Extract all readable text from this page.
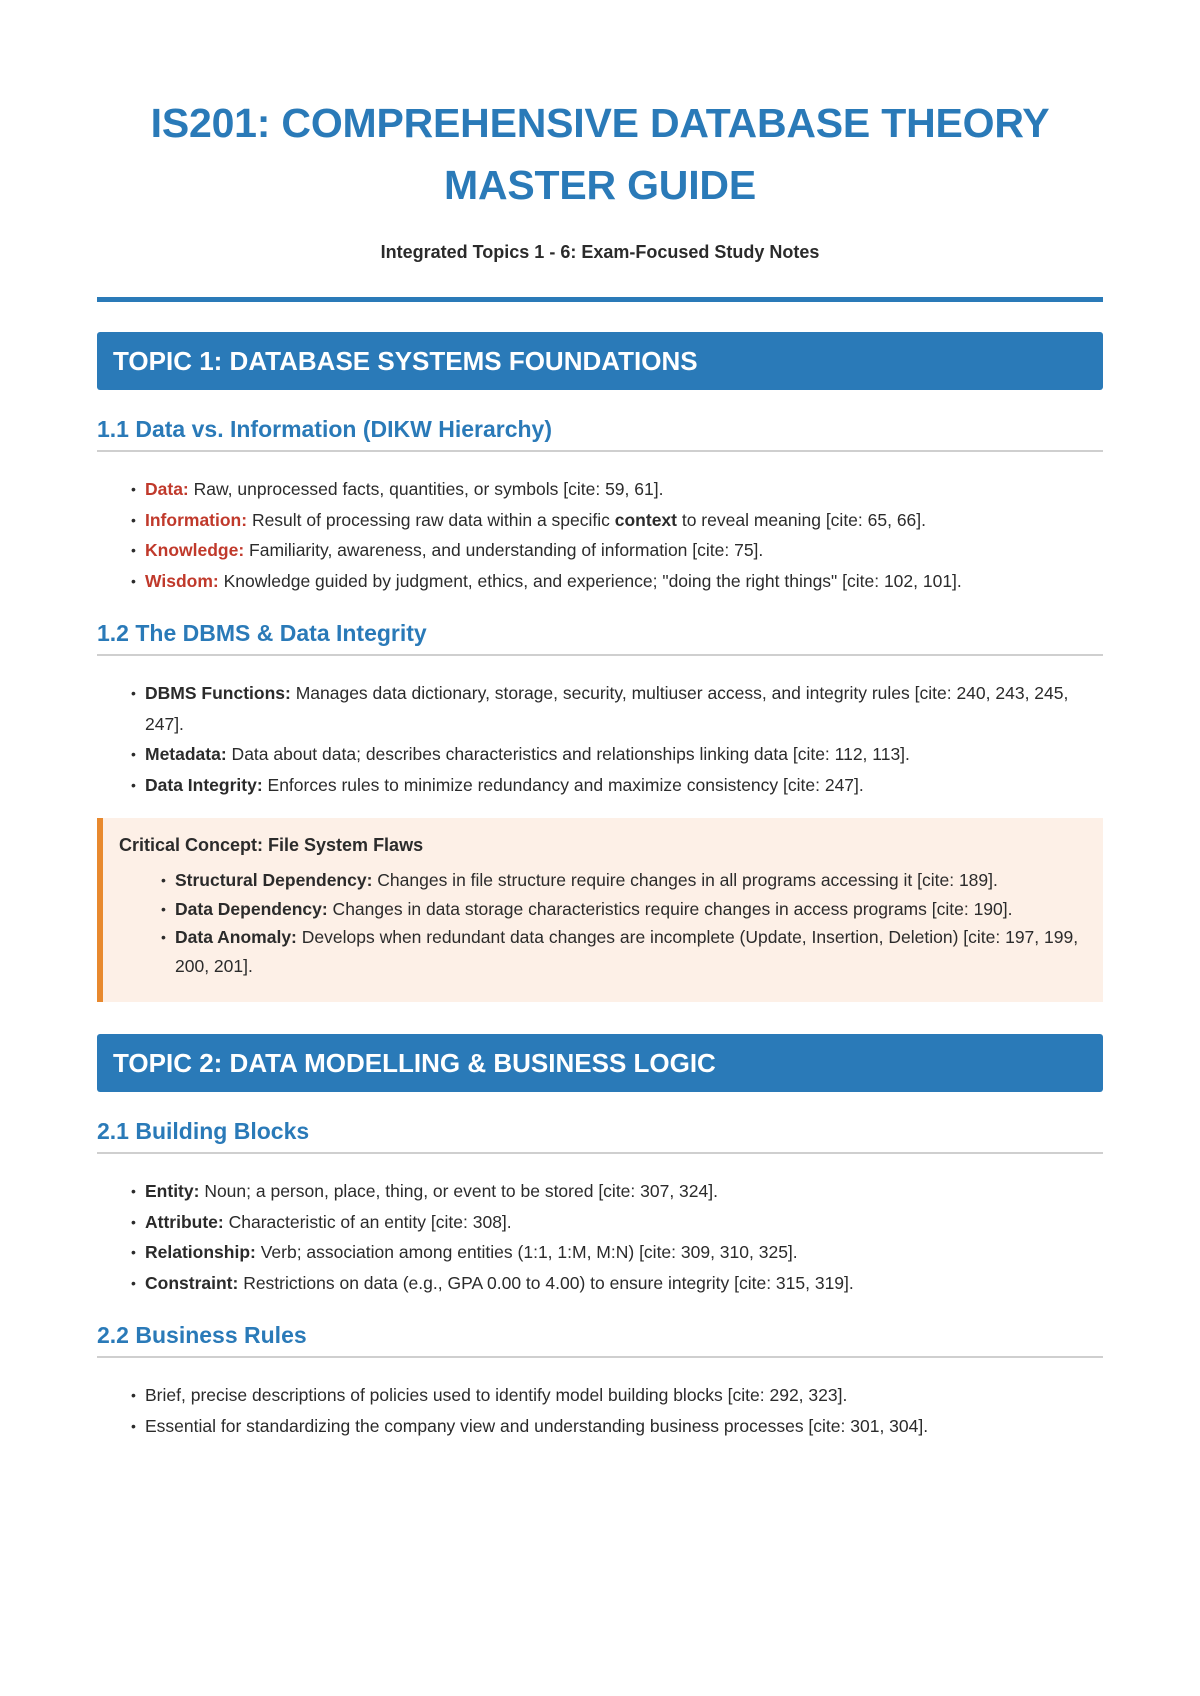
IS201: COMPREHENSIVE DATABASE THEORY MASTER GUIDE
Integrated Topics 1 - 6: Exam-Focused Study Notes
TOPIC 1: DATABASE SYSTEMS FOUNDATIONS
1.1 Data vs. Information (DIKW Hierarchy)
• Data: Raw, unprocessed facts, quantities, or symbols [cite: 59, 61].
• Information: Result of processing raw data within a specific context to reveal meaning [cite: 65, 66].
• Knowledge: Familiarity, awareness, and understanding of information [cite: 75].
• Wisdom: Knowledge guided by judgment, ethics, and experience; "doing the right things" [cite: 102, 101].
1.2 The DBMS & Data Integrity
• DBMS Functions: Manages data dictionary, storage, security, multiuser access, and integrity rules [cite: 240, 243, 245, 247].
• Metadata: Data about data; describes characteristics and relationships linking data [cite: 112, 113].
• Data Integrity: Enforces rules to minimize redundancy and maximize consistency [cite: 247].
Critical Concept: File System Flaws
• Structural Dependency: Changes in file structure require changes in all programs accessing it [cite: 189].
• Data Dependency: Changes in data storage characteristics require changes in access programs [cite: 190].
• Data Anomaly: Develops when redundant data changes are incomplete (Update, Insertion, Deletion) [cite: 197, 199, 200, 201].
TOPIC 2: DATA MODELLING & BUSINESS LOGIC
2.1 Building Blocks
• Entity: Noun; a person, place, thing, or event to be stored [cite: 307, 324].
• Attribute: Characteristic of an entity [cite: 308].
• Relationship: Verb; association among entities (1:1, 1:M, M:N) [cite: 309, 310, 325].
• Constraint: Restrictions on data (e.g., GPA 0.00 to 4.00) to ensure integrity [cite: 315, 319].
2.2 Business Rules
• Brief, precise descriptions of policies used to identify model building blocks [cite: 292, 323].
• Essential for standardizing the company view and understanding business processes [cite: 301, 304].
